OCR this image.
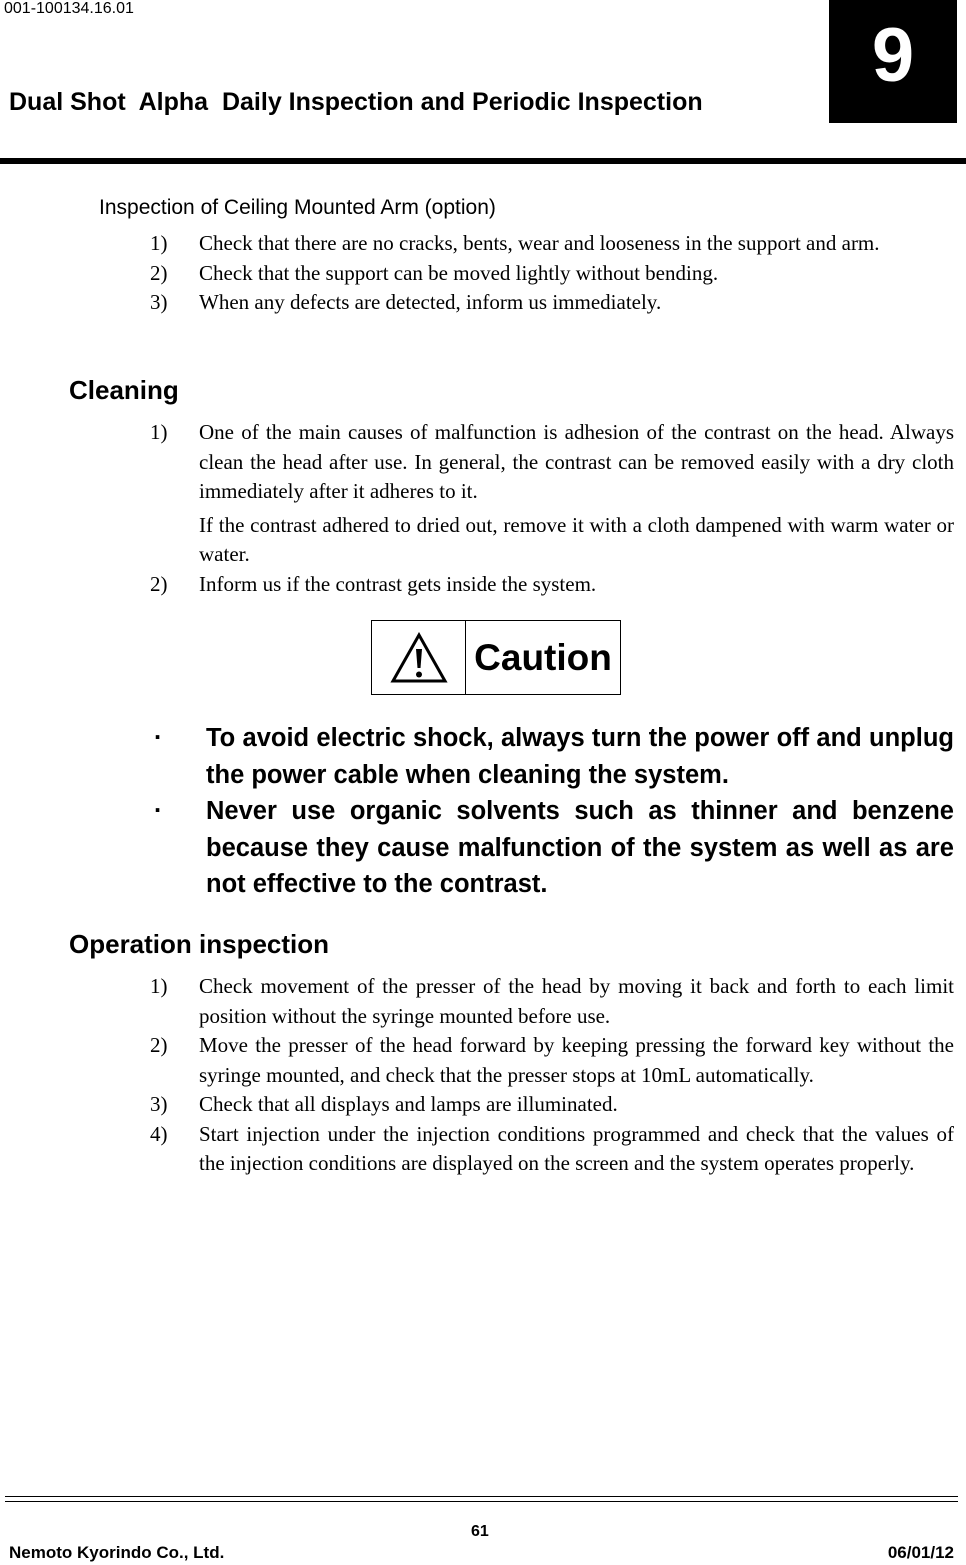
001-100134.16.01
9
Dual Shot  Alpha  Daily Inspection and Periodic Inspection
Inspection of Ceiling Mounted Arm (option)
1) Check that there are no cracks, bents, wear and looseness in the support and arm.
2) Check that the support can be moved lightly without bending.
3) When any defects are detected, inform us immediately.
Cleaning
1) One of the main causes of malfunction is adhesion of the contrast on the head. Always clean the head after use. In general, the contrast can be removed easily with a dry cloth immediately after it adheres to it.
If the contrast adhered to dried out, remove it with a cloth dampened with warm water or water.
2) Inform us if the contrast gets inside the system.
Caution
· To avoid electric shock, always turn the power off and unplug the power cable when cleaning the system.
· Never use organic solvents such as thinner and benzene because they cause malfunction of the system as well as are not effective to the contrast.
Operation inspection
1) Check movement of the presser of the head by moving it back and forth to each limit position without the syringe mounted before use.
2) Move the presser of the head forward by keeping pressing the forward key without the syringe mounted, and check that the presser stops at 10mL automatically.
3) Check that all displays and lamps are illuminated.
4) Start injection under the injection conditions programmed and check that the values of the injection conditions are displayed on the screen and the system operates properly.
61
Nemoto Kyorindo Co., Ltd.	06/01/12
